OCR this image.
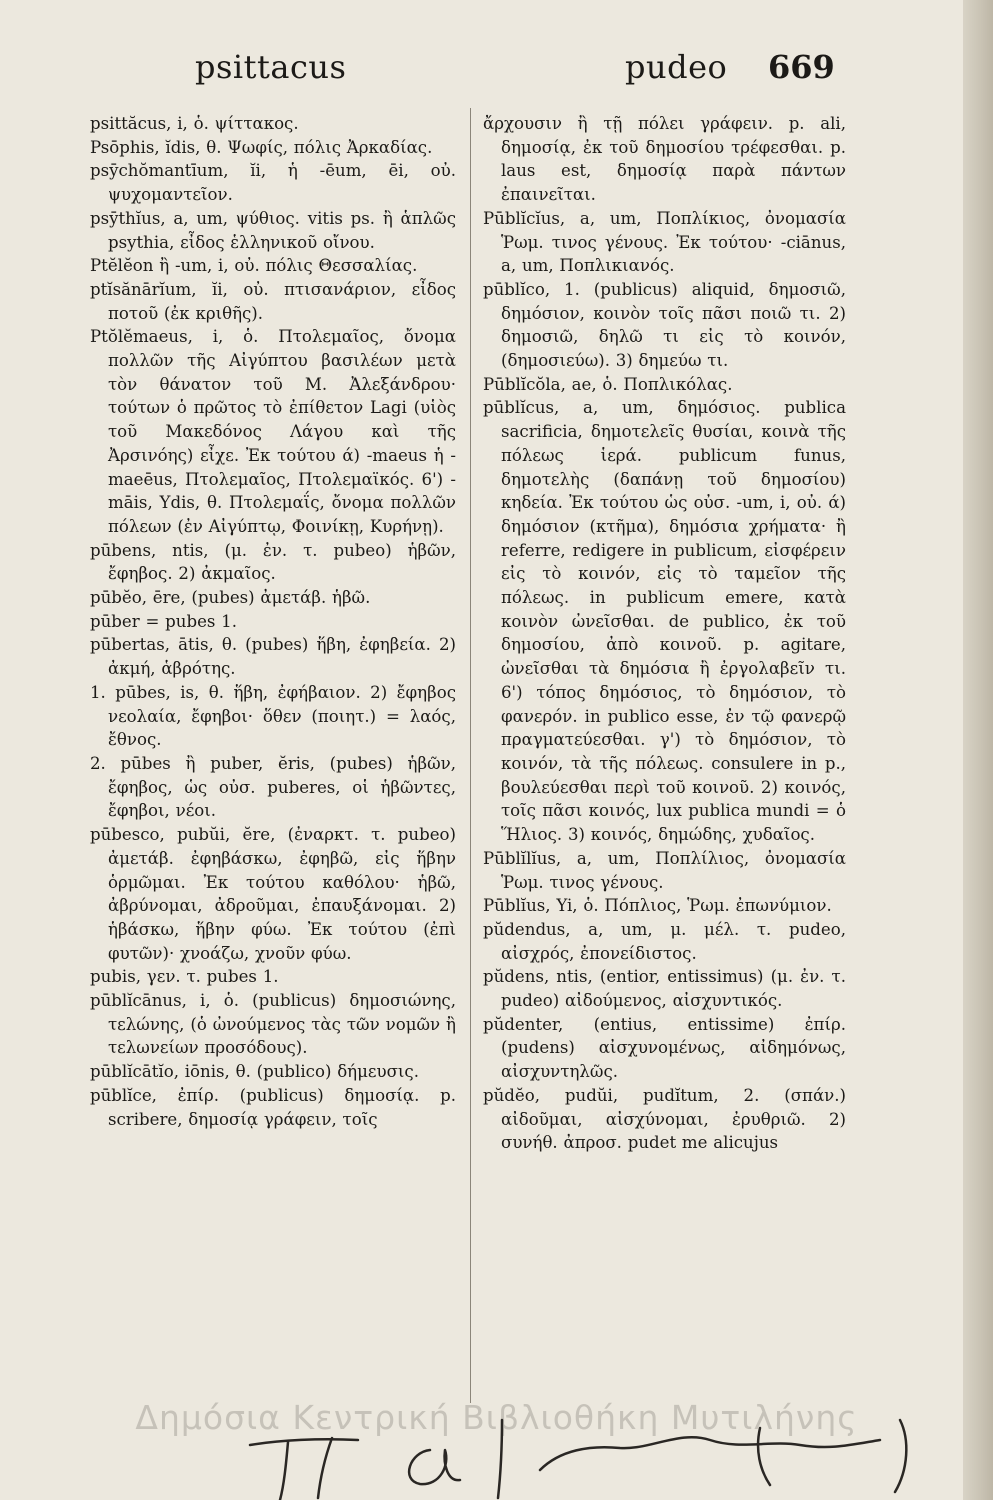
psittacus	pudeo 669

psittăcus, i, ὁ. ψίττακος.

Psōphis, ĭdis, θ. Ψωφίς, πόλις Ἀρκαδίας.

psȳchŏmantīum, ĭi, ἡ -ēum, ēi, οὐ. ψυχομαντεῖον.

psȳthĭus, a, um, ψύθιος. vitis ps. ἢ ἁπλῶς psythia, εἶδος ἑλληνικοῦ οἴνου.

Ptĕlĕon ἢ -um, i, οὐ. πόλις Θεσσαλίας.

ptĭsănārĭum, ĭi, οὐ. πτισανάριον, εἶδος ποτοῦ (ἐκ κριθῆς).

Ptŏlĕmaeus, i, ὁ. Πτολεμαῖος, ὄνομα πολλῶν τῆς Αἰγύπτου βασιλέων μετὰ τὸν θάνατον τοῦ Μ. Ἀλεξάνδρου· τούτων ὁ πρῶτος τὸ ἐπίθετον Lagi (υἱὸς τοῦ Μακεδόνος Λάγου καὶ τῆς Ἀρσινόης) εἶχε. Ἐκ τούτου ά) -maeus ἡ -maeēus, Πτολεμαῖος, Πτολεμαϊκός. 6') -māis, Ydis, θ. Πτολεμαΐς, ὄνομα πολλῶν πόλεων (ἐν Αἰγύπτῳ, Φοινίκῃ, Κυρήνῃ).

pūbens, ntis, (μ. ἐν. τ. pubeo) ἡβῶν, ἔφηβος. 2) ἀκμαῖος.

pūbĕo, ēre, (pubes) ἀμετάβ. ἡβῶ.

pūber = pubes 1.

pūbertas, ātis, θ. (pubes) ἥβη, ἐφηβεία. 2) ἀκμή, ἁβρότης.

1. pūbes, is, θ. ἥβη, ἐφήβαιον. 2) ἔφηβος νεολαία, ἔφηβοι· ὅθεν (ποιητ.) = λαός, ἔθνος.

2. pūbes ἢ puber, ĕris, (pubes) ἡβῶν, ἔφηβος, ὡς οὐσ. puberes, οἱ ἡβῶντες, ἔφηβοι, νέοι.

pūbesco, pubŭi, ĕre, (ἐναρκτ. τ. pubeo) ἀμετάβ. ἐφηβάσκω, ἐφηβῶ, εἰς ἥβην ὁρμῶμαι. Ἐκ τούτου καθόλου· ἡβῶ, ἀβρύνομαι, ἀδροῦμαι, ἐπαυξάνομαι. 2) ἡβάσκω, ἥβην φύω. Ἐκ τούτου (ἐπὶ φυτῶν)· χνοάζω, χνοῦν φύω.

pubis, γεν. τ. pubes 1.

pūblĭcānus, i, ὁ. (publicus) δημοσιώνης, τελώνης, (ὁ ὠνούμενος τὰς τῶν νομῶν ἢ τελωνείων προσόδους).

pūblĭcātĭo, iōnis, θ. (publico) δήμευσις.

pūblĭce, ἐπίρ. (publicus) δημοσίᾳ. p. scribere, δημοσίᾳ γράφειν, τοῖς

ἄρχουσιν ἢ τῇ πόλει γράφειν. p. ali, δημοσίᾳ, ἐκ τοῦ δημοσίου τρέφεσθαι. p. laus est, δημοσίᾳ παρὰ πάντων ἐπαινεῖται.

Pūblĭcĭus, a, um, Ποπλίκιος, ὀνομασία Ῥωμ. τινος γένους. Ἐκ τούτου· -ciānus, a, um, Ποπλικιανός.

pūblĭco, 1. (publicus) aliquid, δημοσιῶ, δημόσιον, κοινὸν τοῖς πᾶσι ποιῶ τι. 2) δημοσιῶ, δηλῶ τι εἰς τὸ κοινόν, (δημοσιεύω). 3) δημεύω τι.

Pūblĭcŏla, ae, ὁ. Ποπλικόλας.

pūblĭcus, a, um, δημόσιος. publica sacrificia, δημοτελεῖς θυσίαι, κοινὰ τῆς πόλεως ἱερά. publicum funus, δημοτελὴς (δαπάνῃ τοῦ δημοσίου) κηδεία. Ἐκ τούτου ὡς οὐσ. -um, i, οὐ. ά) δημόσιον (κτῆμα), δημόσια χρήματα· ἢ referre, redigere in publicum, εἰσφέρειν εἰς τὸ κοινόν, εἰς τὸ ταμεῖον τῆς πόλεως. in publicum emere, κατὰ κοινὸν ὠνεῖσθαι. de publico, ἐκ τοῦ δημοσίου, ἀπὸ κοινοῦ. p. agitare, ὠνεῖσθαι τὰ δημόσια ἢ ἐργολαβεῖν τι. 6') τόπος δημόσιος, τὸ δημόσιον, τὸ φανερόν. in publico esse, ἐν τῷ φανερῷ πραγματεύεσθαι. γ') τὸ δημόσιον, τὸ κοινόν, τὰ τῆς πόλεως. consulere in p., βουλεύεσθαι περὶ τοῦ κοινοῦ. 2) κοινός, τοῖς πᾶσι κοινός, lux publica mundi = ὁ Ἥλιος. 3) κοινός, δημώδης, χυδαῖος.

Pūblĭlĭus, a, um, Ποπλίλιος, ὀνομασία Ῥωμ. τινος γένους.

Pūblĭus, Yi, ὁ. Πόπλιος, Ῥωμ. ἐπωνύμιον.

pŭdendus, a, um, μ. μέλ. τ. pudeo, αἰσχρός, ἐπονείδιστος.

pŭdens, ntis, (entior, entissimus) (μ. ἐν. τ. pudeo) αἰδούμενος, αἰσχυντικός.

pŭdenter, (entius, entissime) ἐπίρ. (pudens) αἰσχυνομένως, αἰδημόνως, αἰσχυντηλῶς.

pŭdĕo, pudŭi, pudĭtum, 2. (σπάν.) αἰδοῦμαι, αἰσχύνομαι, ἐρυθριῶ. 2) συνήθ. ἀπροσ. pudet me alicujus

Δημόσια Κεντρική Βιβλιοθήκη Μυτιλήνης
